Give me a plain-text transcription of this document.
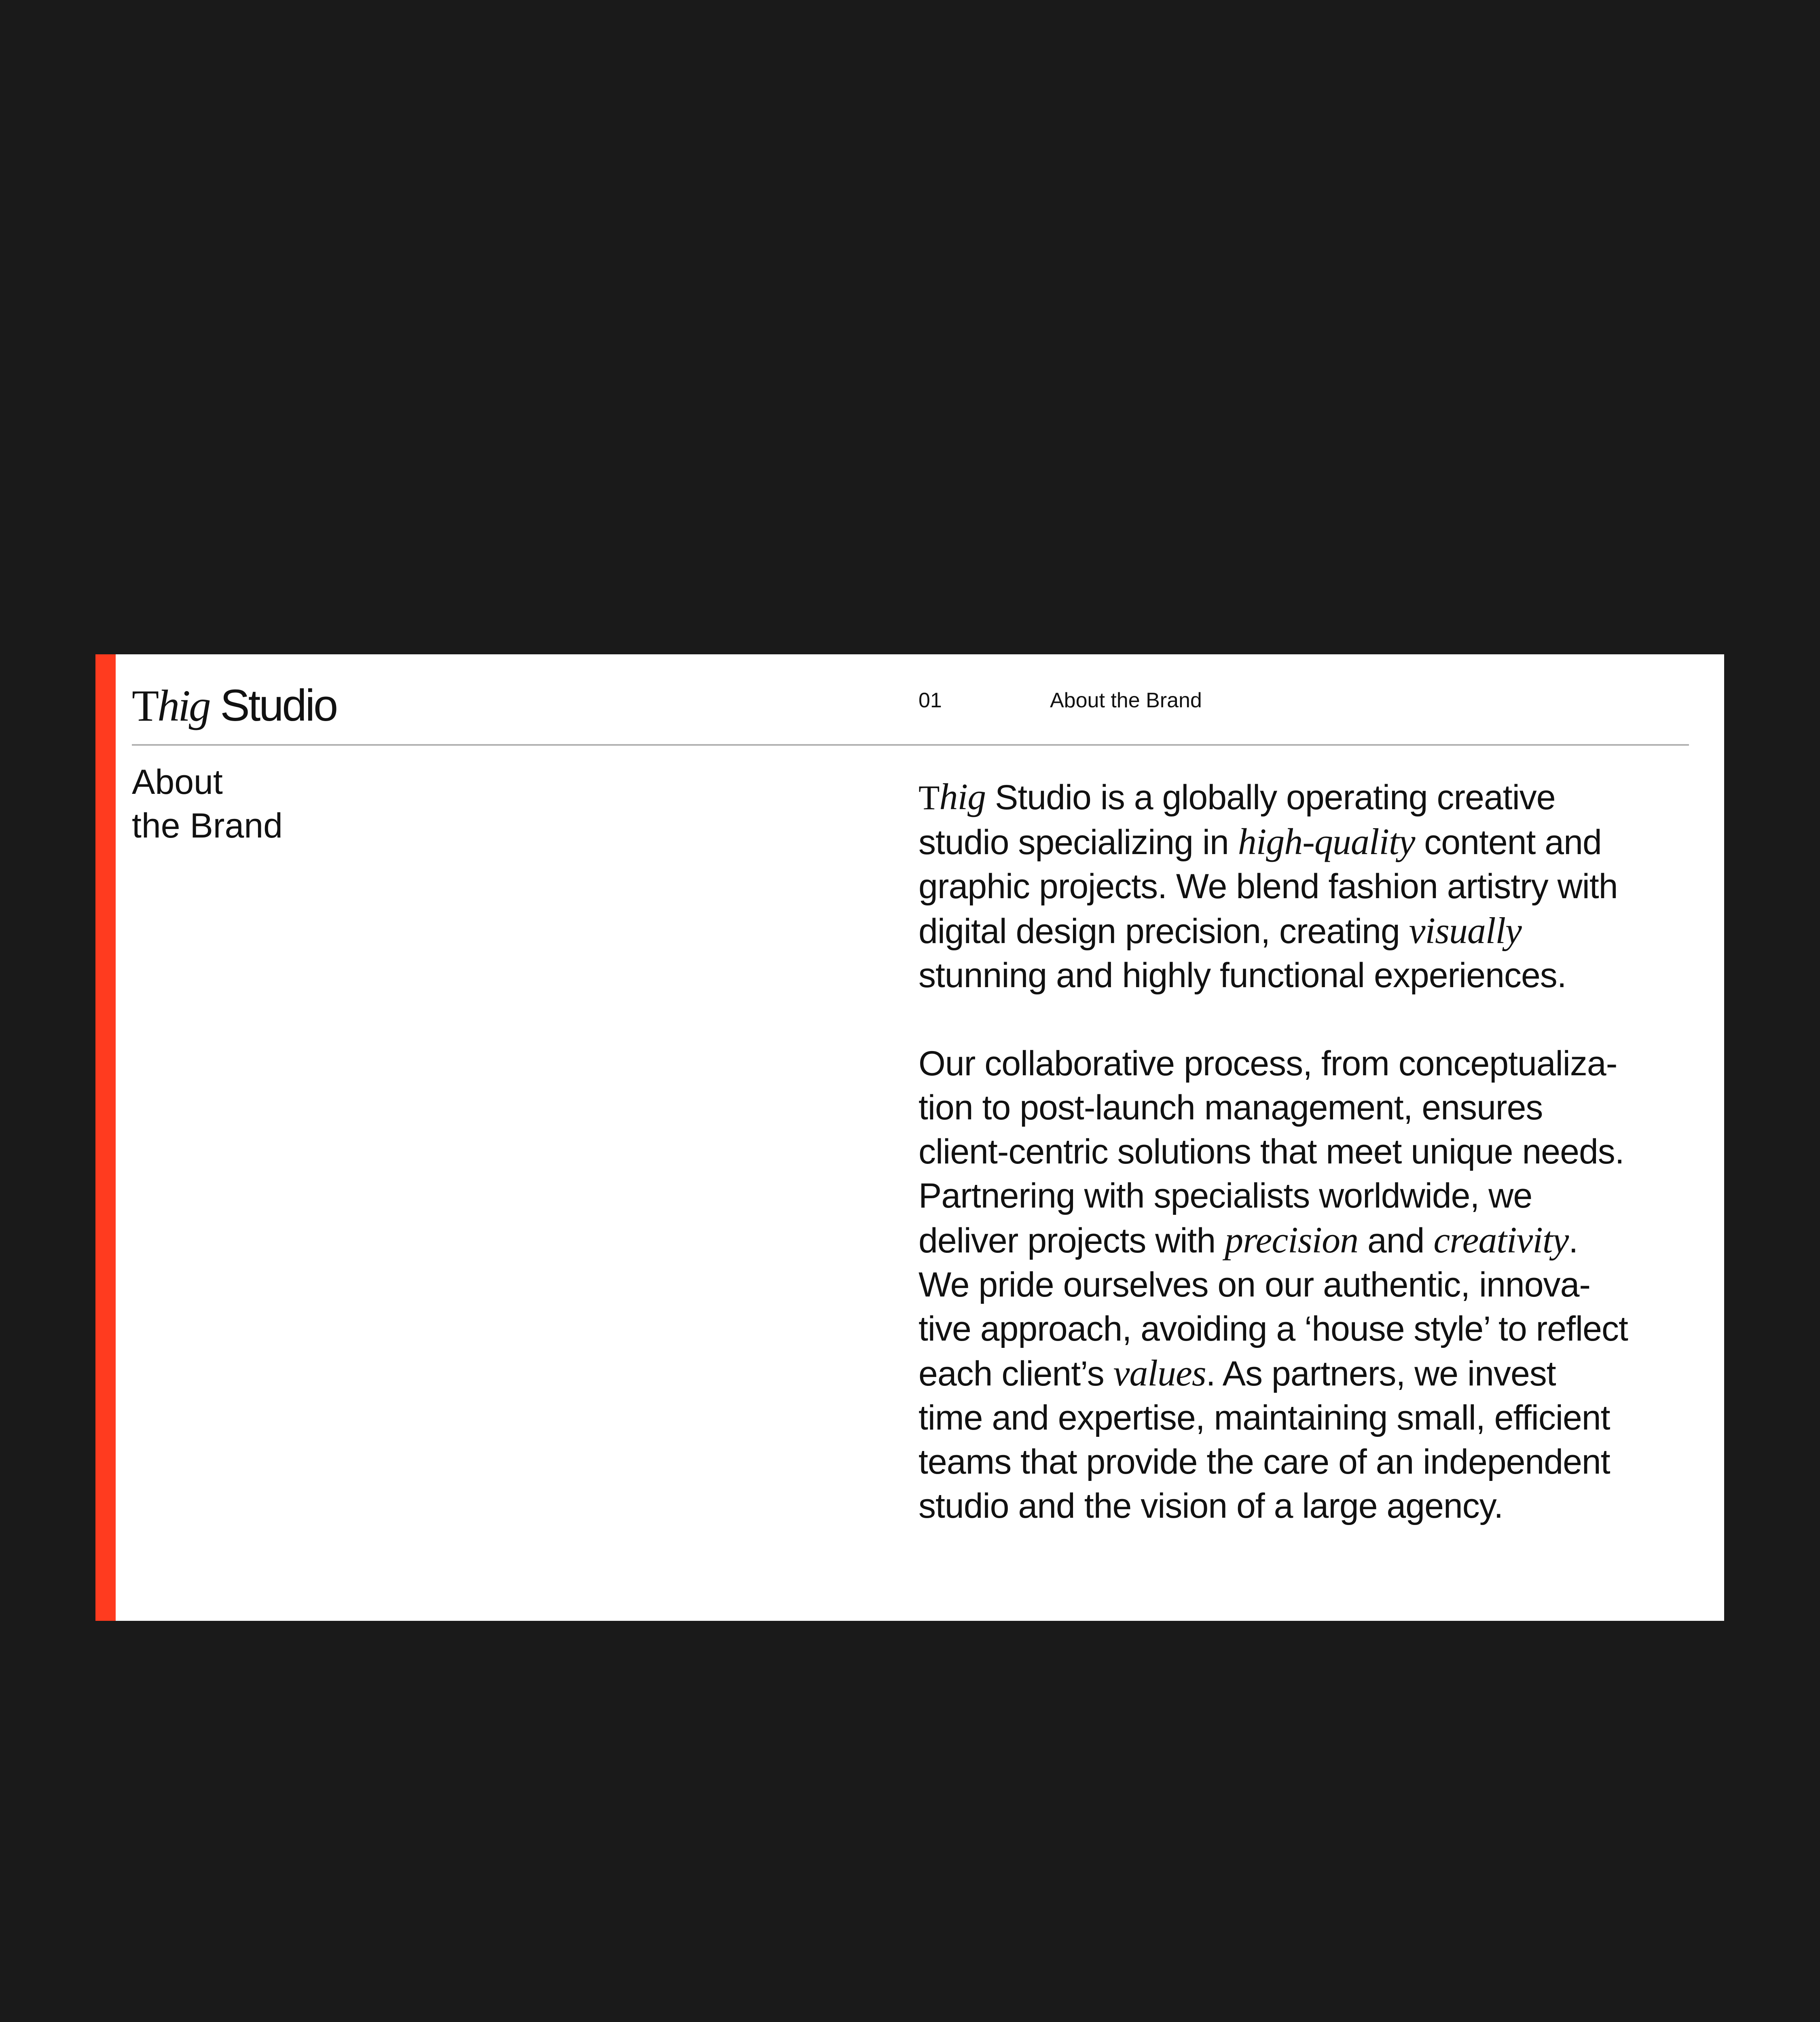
Thig Studio	01	About the Brand
About
the Brand
Thig Studio is a globally operating creative
studio specializing in high-quality content and
graphic projects. We blend fashion artistry with
digital design precision, creating visually
stunning and highly functional experiences.
Our collaborative process, from conceptualiza-
tion to post-launch management, ensures
client-centric solutions that meet unique needs.
Partnering with specialists worldwide, we
deliver projects with precision and creativity.
We pride ourselves on our authentic, innova-
tive approach, avoiding a ‘house style’ to reflect
each client’s values. As partners, we invest
time and expertise, maintaining small, efficient
teams that provide the care of an independent
studio and the vision of a large agency.
